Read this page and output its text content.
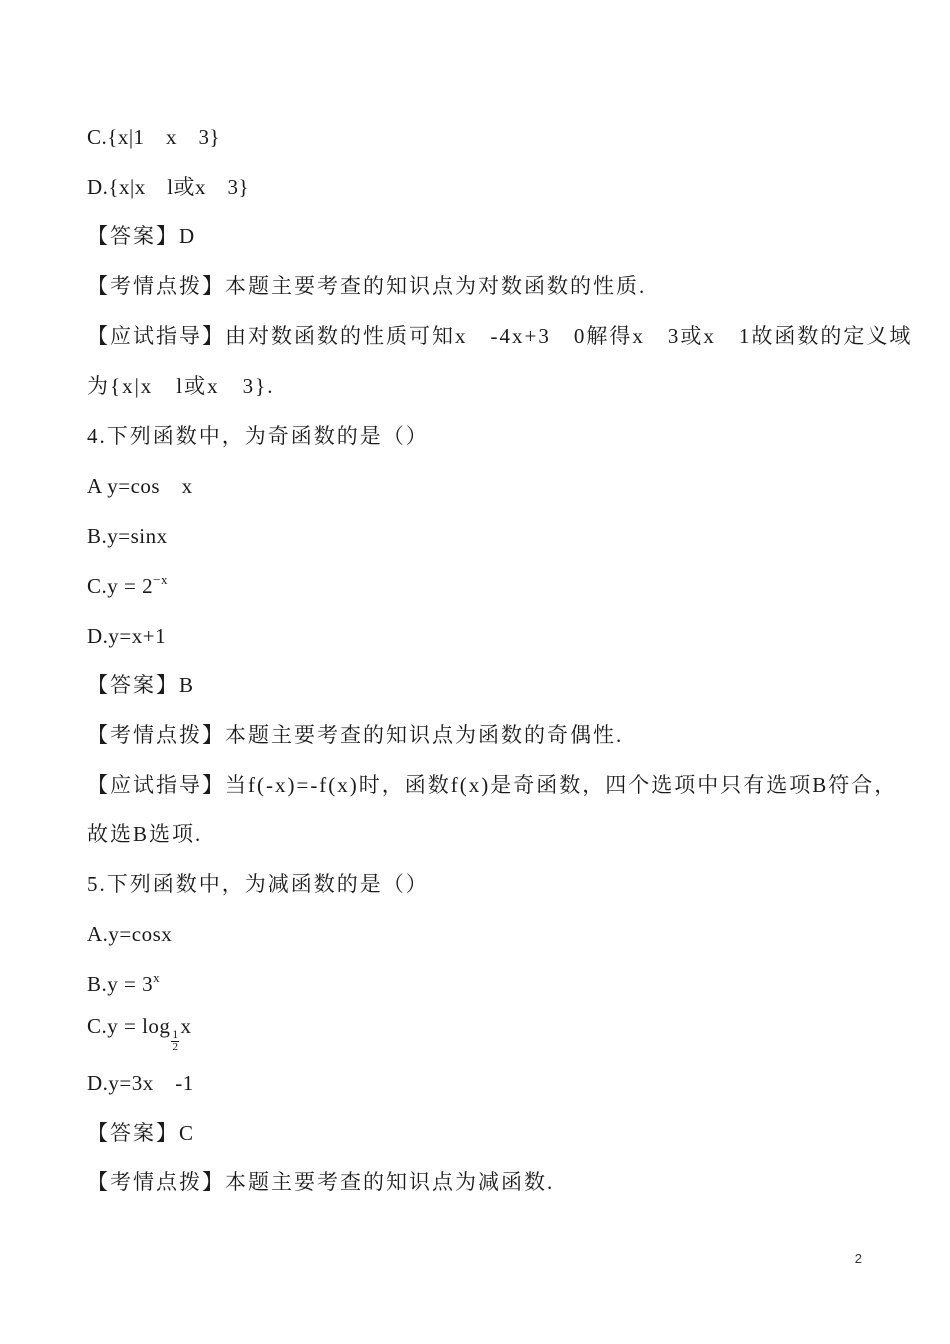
C.{x|1 x 3}
D.{x|x l或x 3}
【答案】D
【考情点拨】本题主要考查的知识点为对数函数的性质.
【应试指导】由对数函数的性质可知x -4x+3 0解得x 3或x 1故函数的定义域
为{x|x l或x 3}.
4.下列函数中，为奇函数的是（）
A y=cos x
B.y=sinx
$C.y = 2^{-x}$
D.y=x+1
【答案】B
【考情点拨】本题主要考查的知识点为函数的奇偶性.
【应试指导】当f(-x)=-f(x)时，函数f(x)是奇函数，四个选项中只有选项B符合，
故选B选项.
5.下列函数中，为减函数的是（）
A.y=cosx
$B.y = 3^x$
$C.y = \log \frac{1}{2}$ x
D.y=3x -1
【答案】C
【考情点拨】本题主要考查的知识点为减函数.
2
